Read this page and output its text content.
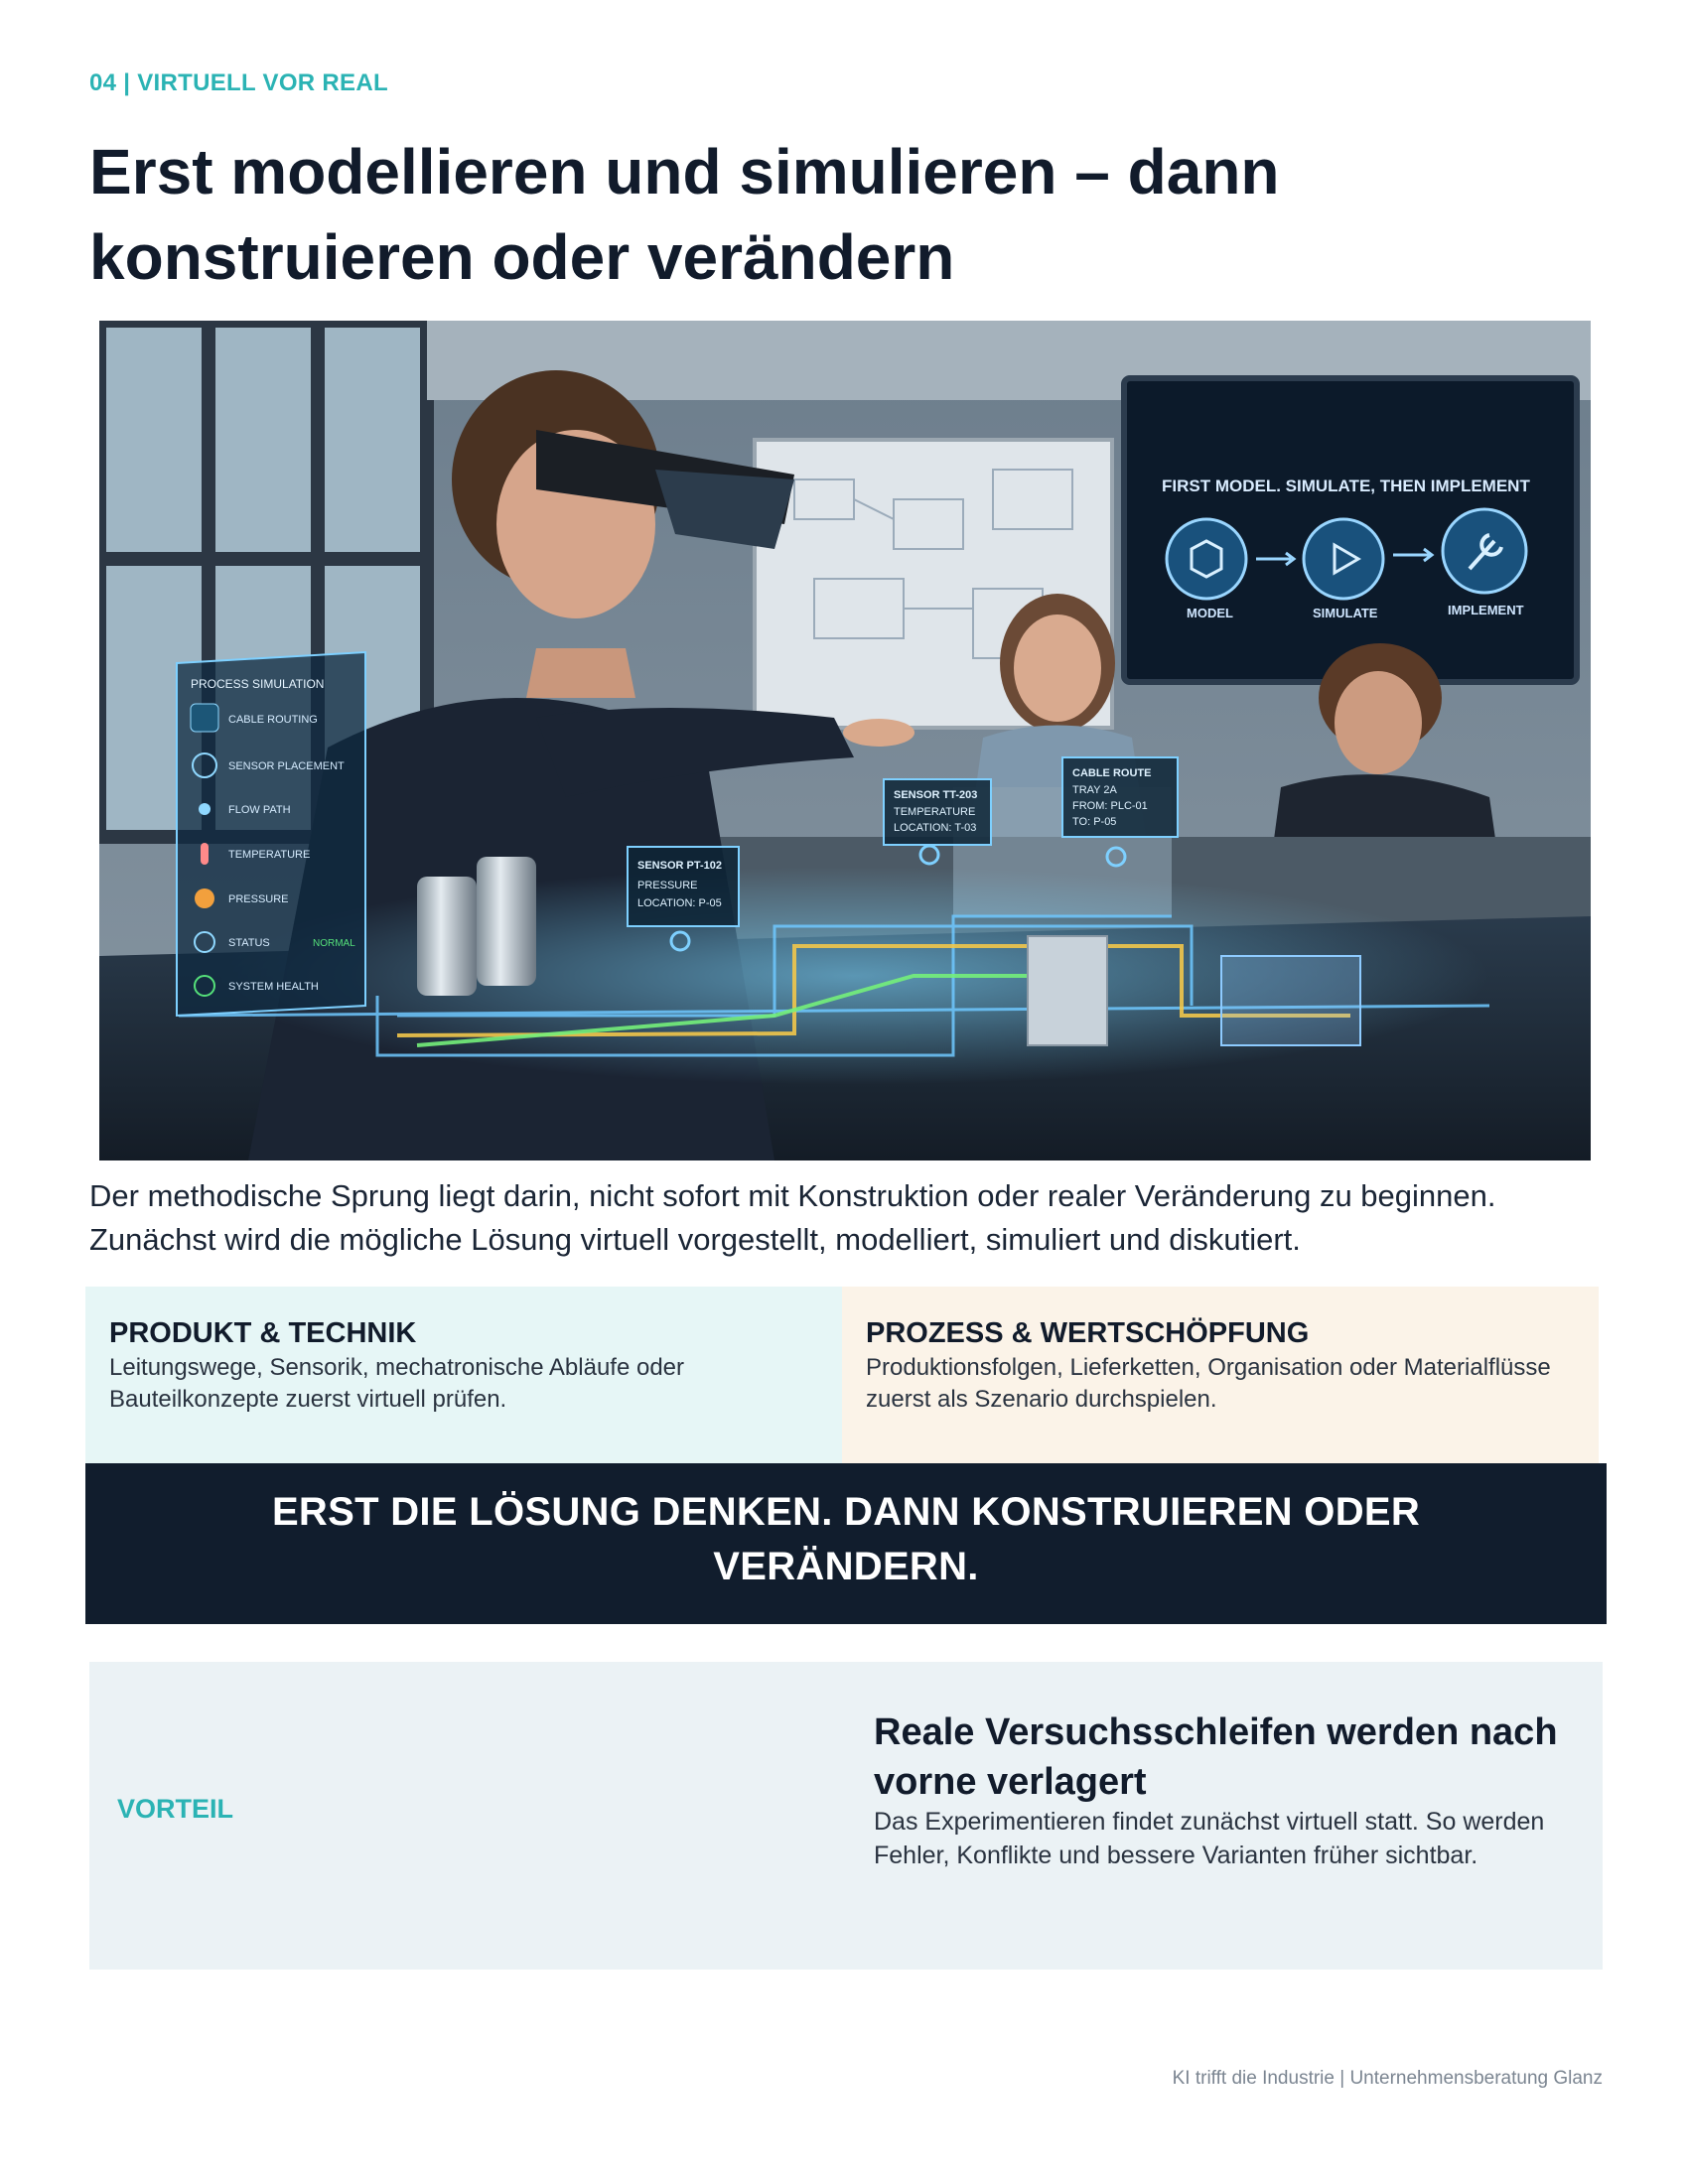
04 | VIRTUELL VOR REAL
Erst modellieren und simulieren – dann konstruieren oder verändern
FIRST MODEL. SIMULATE, THEN IMPLEMENT
MODEL	SIMULATE	IMPLEMENT
PROCESS SIMULATION
CABLE ROUTING
SENSOR PLACEMENT
FLOW PATH
TEMPERATURE
PRESSURE
STATUS	NORMAL
SYSTEM HEALTH
SENSOR PT-102
PRESSURE
LOCATION: P-05
SENSOR TT-203
TEMPERATURE
LOCATION: T-03
CABLE ROUTE
TRAY 2A
FROM: PLC-01
TO: P-05

Der methodische Sprung liegt darin, nicht sofort mit Konstruktion oder realer Veränderung zu beginnen. Zunächst wird die mögliche Lösung virtuell vorgestellt, modelliert, simuliert und diskutiert.

PRODUKT & TECHNIK

Leitungswege, Sensorik, mechatronische Abläufe oder Bauteilkonzepte zuerst virtuell prüfen.

PROZESS & WERTSCHÖPFUNG

Produktionsfolgen, Lieferketten, Organisation oder Materialflüsse zuerst als Szenario durchspielen.

ERST DIE LÖSUNG DENKEN. DANN KONSTRUIEREN ODER VERÄNDERN.
VORTEIL
Reale Versuchsschleifen werden nach vorne verlagert

Das Experimentieren findet zunächst virtuell statt. So werden Fehler, Konflikte und bessere Varianten früher sichtbar.

KI trifft die Industrie | Unternehmensberatung Glanz
